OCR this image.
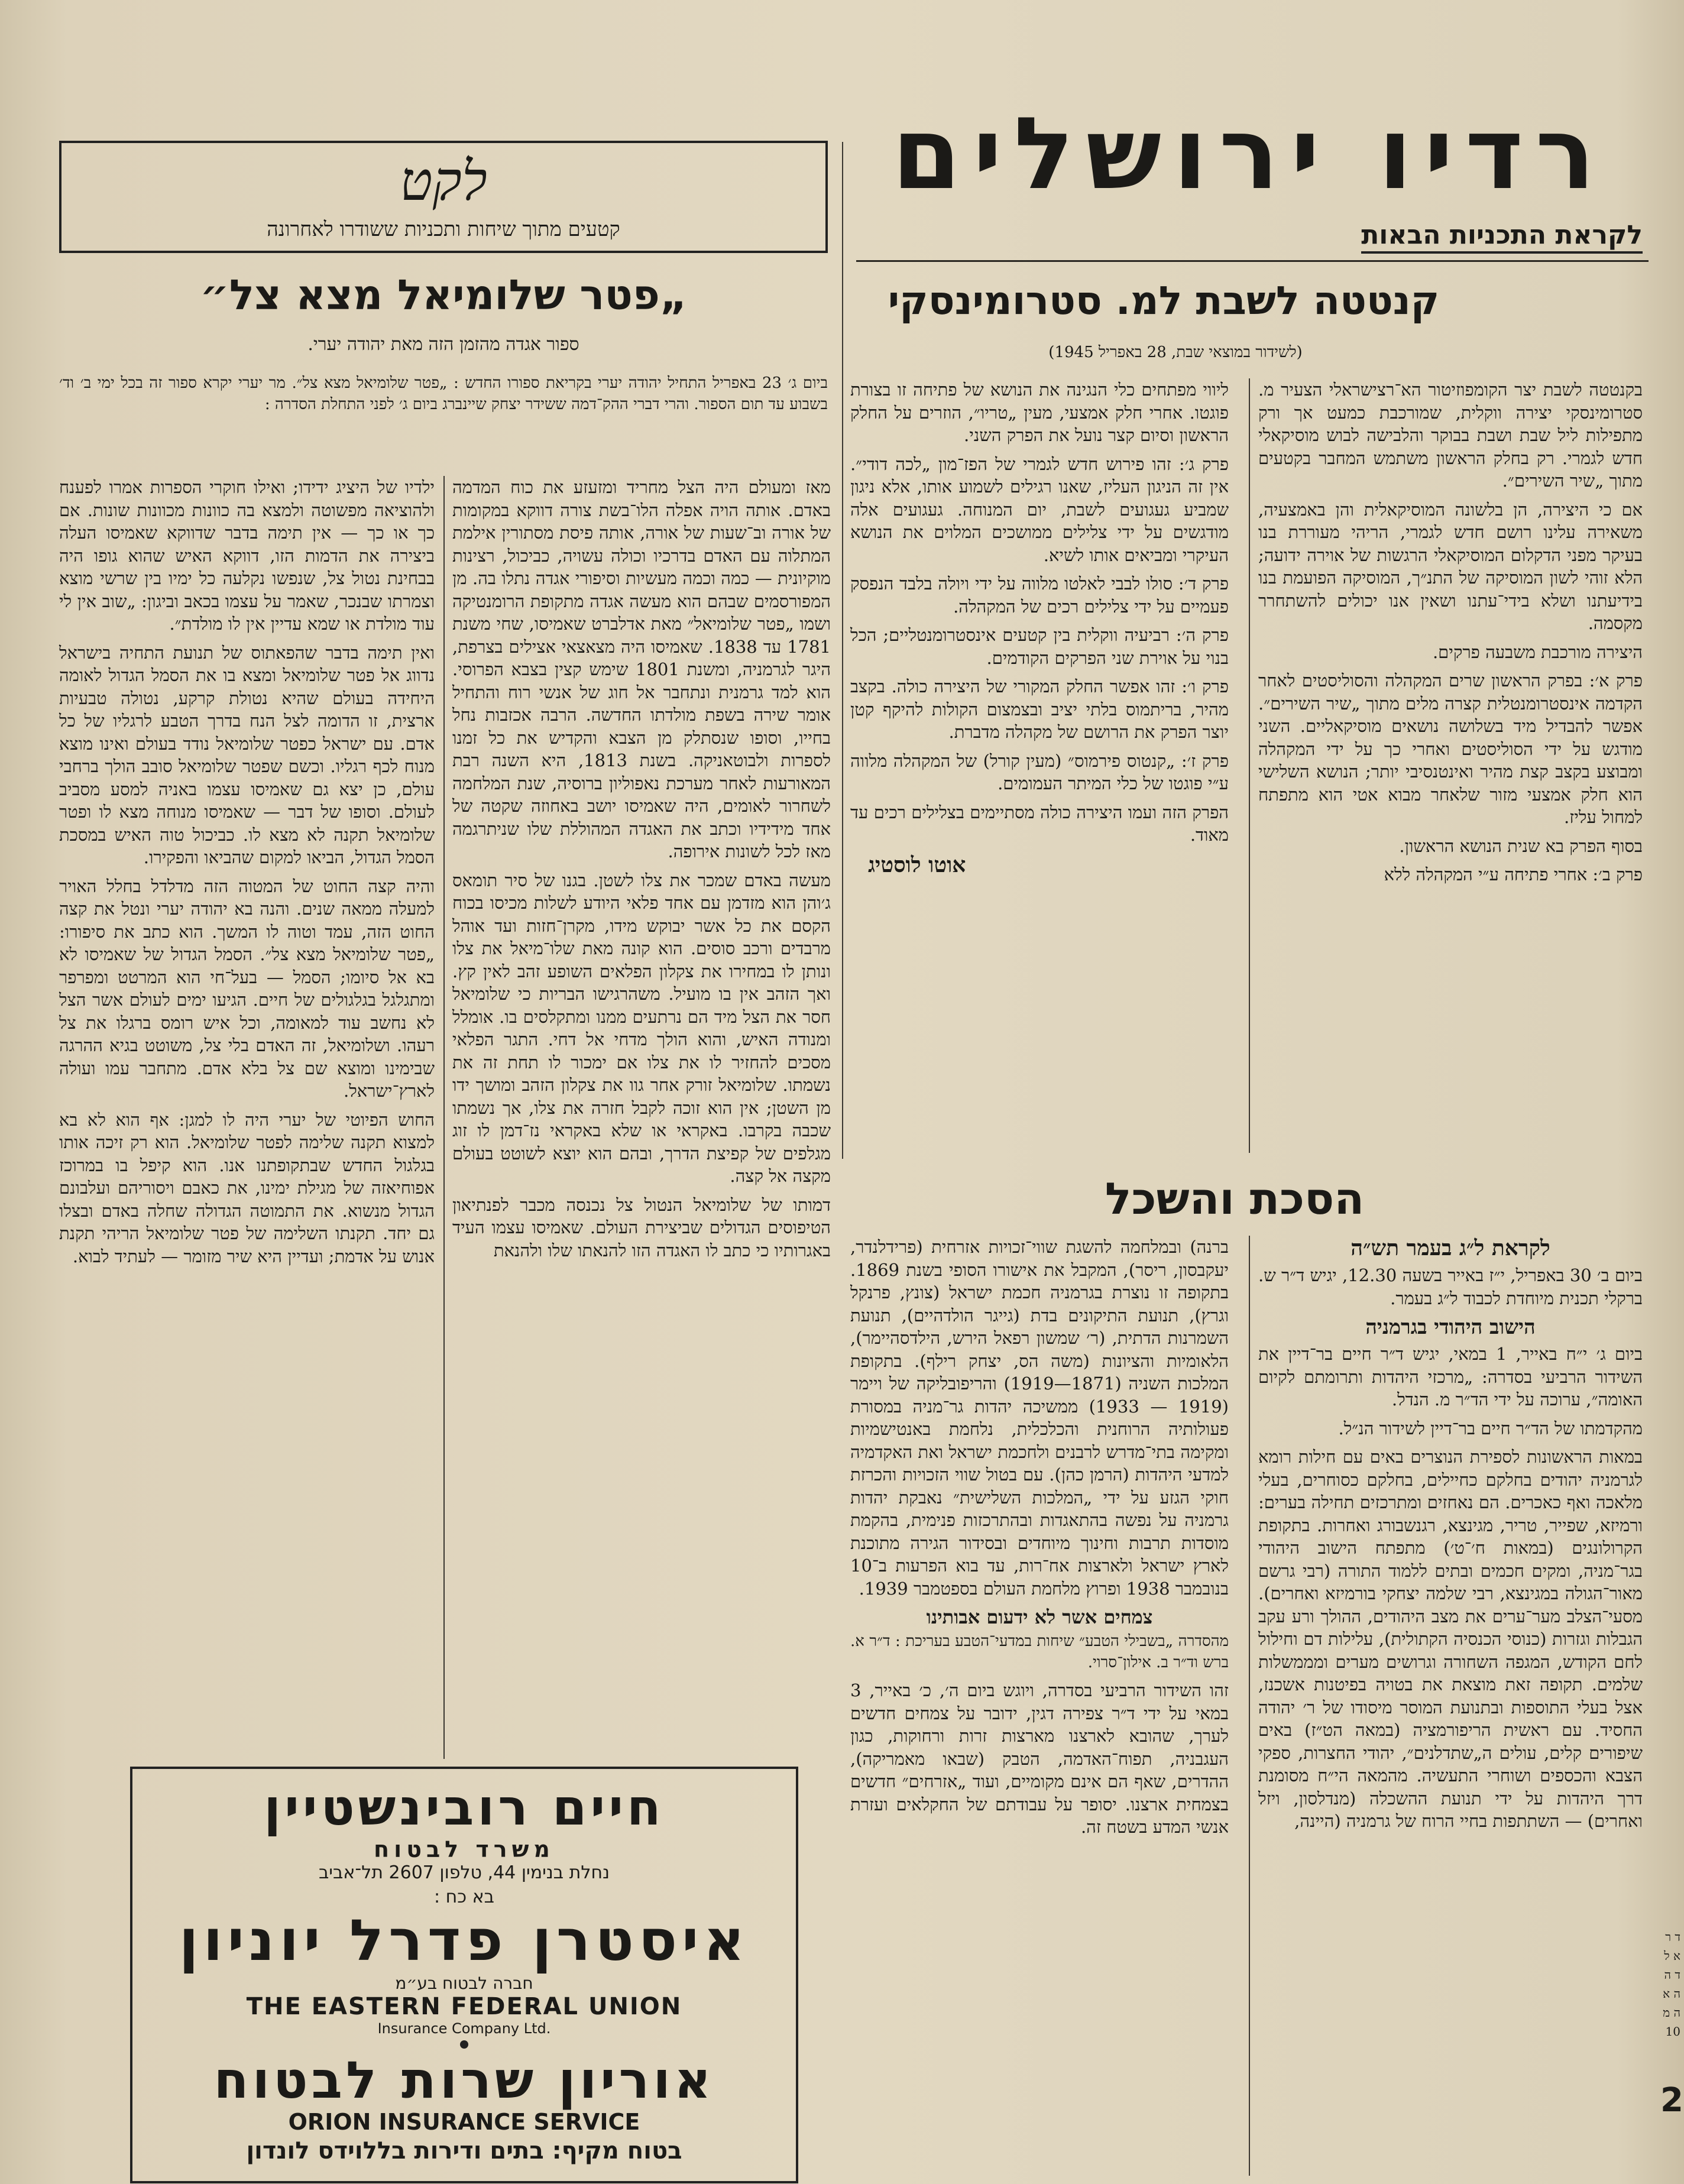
רדיו ירושלים
לקראת התכניות הבאות
לקט
קטעים מתוך שיחות ותכניות ששודרו לאחרונה
קנטטה לשבת למ. סטרומינסקי
(לשידור במוצאי שבת, 28 באפריל 1945)

בקנטטה לשבת יצר הקומפוזיטור הא־רצישראלי הצעיר מ. סטרומינסקי יצירה ווקלית, שמורכבת כמעט אך ורק מתפילות ליל שבת ושבת בבוקר והלבישה לבוש מוסיקאלי חדש לגמרי. רק בחלק הראשון משתמש המחבר בקטעים מתוך „שיר השירים״.

אם כי היצירה, הן בלשונה המוסיקאלית והן באמצעיה, משאירה עלינו רושם חדש לגמרי, הריהי מעוררת בנו בעיקר מפני הדקלום המוסיקאלי הרגשות של אוירה ידועה; הלא זוהי לשון המוסיקה של התנ״ך, המוסיקה הפועמת בנו בידיעתנו ושלא בידי־עתנו ושאין אנו יכולים להשתחרר מקסמה.

היצירה מורכבת משבעה פרקים.

פרק א׳: בפרק הראשון שרים המקהלה והסוליסטים לאחר הקדמה אינסטרומנטלית קצרה מלים מתוך „שיר השירים״. אפשר להבדיל מיד בשלושה נושאים מוסיקאליים. השני מודגש על ידי הסוליסטים ואחרי כך על ידי המקהלה ומבוצע בקצב קצת מהיר ואינטנסיבי יותר; הנושא השלישי הוא חלק אמצעי מזור שלאחר מבוא אטי הוא מתפתח למחול עליז.

בסוף הפרק בא שנית הנושא הראשון.

פרק ב׳: אחרי פתיחה ע״י המקהלה ללא

ליווי מפתחים כלי הנגינה את הנושא של פתיחה זו בצורת פוגטו. אחרי חלק אמצעי, מעין „טריו״, הוזרים על החלק הראשון וסיום קצר נועל את הפרק השני.

פרק ג׳: זהו פירוש חדש לגמרי של הפז־מון „לכה דודי״. אין זה הניגון העליז, שאנו רגילים לשמוע אותו, אלא ניגון שמביע געגועים לשבת, יום המנוחה. געגועים אלה מודגשים על ידי צלילים ממושכים המלוים את הנושא העיקרי ומביאים אותו לשיא.

פרק ד׳: סולו לבבי לאלטו מלווה על ידי ויולה בלבד הנפסק פעמיים על ידי צלילים רכים של המקהלה.

פרק ה׳: רביעיה ווקלית בין קטעים אינסטרומנטליים; הכל בנוי על אוירת שני הפרקים הקודמים.

פרק ו׳: זהו אפשר החלק המקורי של היצירה כולה. בקצב מהיר, בריתמוס בלתי יציב ובצמצום הקולות להיקף קטן יוצר הפרק את הרושם של מקהלה מדברת.

פרק ז׳: „קנטוס פירמוס״ (מעין קורל) של המקהלה מלווה ע״י פוגטו של כלי המיתר העמומים.

הפרק הזה ועמו היצירה כולה מסתיימים בצלילים רכים עד מאוד.

אוטו לוסטיג
הסכת והשכל
לקראת ל״ג בעמר תש״ה

ביום ב׳ 30 באפריל, י״ז באייר בשעה 12.30, יגיש ד״ר ש. ברקלי תכנית מיוחדת לכבוד ל״ג בעמר.

הישוב היהודי בגרמניה

ביום ג׳ י״ח באייר, 1 במאי, יגיש ד״ר חיים בר־דיין את השידור הרביעי בסדרה: „מרכזי היהדות ותרומתם לקיום האומה״, ערוכה על ידי הד״ר מ. הנדל.

מהקדמתו של הד״ר חיים בר־דיין לשידור הנ״ל.

במאות הראשונות לספירת הנוצרים באים עם חילות רומא לגרמניה יהודים בחלקם כחיילים, בחלקם כסוחרים, בעלי מלאכה ואף כאכרים. הם נאחזים ומתרכזים תחילה בערים: ורמיזא, שפייר, טריר, מגינצא, רגנשבורג ואחרות. בתקופת הקרולונגים (במאות ח׳־ט׳) מתפתח הישוב היהודי בגר־מניה, ומקים חכמים ובתים ללמוד התורה (רבי גרשם מאור־הגולה במגינצא, רבי שלמה יצחקי בורמיזא ואחרים). מסעי־הצלב מער־ערים את מצב היהודים, ההולך ורע עקב הגבלות וגזרות (כנוסי הכנסיה הקתולית), עלילות דם וחילול לחם הקודש, המגפה השחורה וגרושים מערים ומממשלות שלמים. תקופה זאת מוצאת את בטויה בפיטנות אשכנז, אצל בעלי התוספות ובתנועת המוסר מיסודו של ר׳ יהודה החסיד. עם ראשית הריפורמציה (במאה הט״ז) באים שיפורים קלים, עולים ה„שתדלנים״, יהודי החצרות, ספקי הצבא והכספים ושוחרי התעשיה. מהמאה הי״ח מסומנת דרך היהדות על ידי תנועת ההשכלה (מנדלסון, ויזל ואחרים) — השתתפות בחיי הרוח של גרמניה (היינה,

ברנה) ובמלחמה להשגת שווי־זכויות אזרחית (פרידלנדר, יעקבסון, ריסר), המקבל את אישורו הסופי בשנת 1869. בתקופה זו נוצרת בגרמניה חכמת ישראל (צונץ, פרנקל וגרץ), תנועת התיקונים בדת (גייגר הולדהיים), תנועת השמרנות הדתית, (ר׳ שמשון רפאל הירש, הילדסהיימר), הלאומיות והציונות (משה הס, יצחק רילף). בתקופת המלכות השניה (1871—1919) והריפובליקה של ויימר (1919 — 1933) ממשיכה יהדות גר־מניה במסורת פעולותיה הרוחנית והכלכלית, נלחמת באנטישמיות ומקימה בתי־מדרש לרבנים ולחכמת ישראל ואת האקדמיה למדעי היהדות (הרמן כהן). עם בטול שווי הזכויות והכרזת חוקי הגזע על ידי „המלכות השלישית״ נאבקת יהדות גרמניה על נפשה בהתאגדות ובהתרכזות פנימית, בהקמת מוסדות תרבות וחינוך מיוחדים ובסידור הגירה מתוכנת לארץ ישראל ולארצות אח־רות, עד בוא הפרעות ב־10 בנובמבר 1938 ופרוץ מלחמת העולם בספטמבר 1939.

צמחים אשר לא ידעום אבותינו

מהסדרה „בשבילי הטבע״ שיחות במדעי־הטבע בעריכת : ד״ר א. ברש וד״ר ב. אילון־סרוי.

זהו השידור הרביעי בסדרה, ויוגש ביום ה׳, כ׳ באייר, 3 במאי על ידי ד״ר צפירה דגין, ידובר על צמחים חדשים לערך, שהובא לארצנו מארצות זרות ורחוקות, כגון העגבניה, תפוח־האדמה, הטבק (שבאו מאמריקה), ההדרים, שאף הם אינם מקומיים, ועוד „אזרחים״ חדשים בצמחית ארצנו. יסופר על עבודתם של החקלאים ועזרת אנשי המדע בשטח זה.

„פטר שלומיאל מצא צל״
ספור אגדה מהזמן הזה מאת יהודה יערי.
ביום ג׳ 23 באפריל התחיל יהודה יערי בקריאת ספורו החדש : „פטר שלומיאל מצא צל״. מר יערי יקרא ספור זה בכל ימי ב׳ וד׳ בשבוע עד תום הספור. והרי דברי ההק־דמה ששידר יצחק שיינברג ביום ג׳ לפני התחלת הסדרה :

מאז ומעולם היה הצל מחריד ומזעזע את כוח המדמה באדם. אותה הויה אפלה הלו־בשת צורה דווקא במקומות של אורה וב־שעות של אורה, אותה פיסת מסתורין אילמת המתלוה עם האדם בדרכיו וכולה עשויה, כביכול, רצינות מוקיונית — כמה וכמה מעשיות וסיפורי אגדה נתלו בה. מן המפורסמים שבהם הוא מעשה אגדה מתקופת הרומנטיקה ושמו „פטר שלומיאל״ מאת אדלברט שאמיסו, שחי משנת 1781 עד 1838. שאמיסו היה מצאצאי אצילים בצרפת, היגר לגרמניה, ומשנת 1801 שימש קצין בצבא הפרוסי. הוא למד גרמנית ונתחבר אל חוג של אנשי רוח והתחיל אומר שירה בשפת מולדתו החדשה. הרבה אכזבות נחל בחייו, וסופו שנסתלק מן הצבא והקדיש את כל זמנו לספרות ולבוטאניקה. בשנת 1813, היא השנה רבת המאורעות לאחר מערכת נאפוליון ברוסיה, שנת המלחמה לשחרור לאומים, היה שאמיסו יושב באחוזה שקטה של אחד מידידיו וכתב את האגדה המהוללת שלו שניתרגמה מאז לכל לשונות אירופה.

מעשה באדם שמכר את צלו לשטן. בגנו של סיר תומאס ג׳והן הוא מזדמן עם אחד פלאי היודע לשלות מכיסו בכוח הקסם את כל אשר יבוקש מידו, מקרן־חזות ועד אוהל מרבדים ורכב סוסים. הוא קונה מאת שלו־מיאל את צלו ונותן לו במחירו את צקלון הפלאים השופע זהב לאין קץ. ואך הזהב אין בו מועיל. משהרגישו הבריות כי שלומיאל חסר את הצל מיד הם נרתעים ממנו ומתקלסים בו. אומלל ומנודה האיש, והוא הולך מדחי אל דחי. התגר הפלאי מסכים להחזיר לו את צלו אם ימכור לו תחת זה את נשמתו. שלומיאל זורק אחר גוו את צקלון הזהב ומושך ידו מן השטן; אין הוא זוכה לקבל חזרה את צלו, אך נשמתו שכבה בקרבו. באקראי או שלא באקראי נז־דמן לו זוג מגלפים של קפיצת הדרך, ובהם הוא יוצא לשוטט בעולם מקצה אל קצה.

דמותו של שלומיאל הנטול צל נכנסה מכבר לפנתיאון הטיפוסים הגדולים שביצירת העולם. שאמיסו עצמו העיד באגרותיו כי כתב לו האגדה הזו להנאתו שלו ולהנאת

ילדיו של היציג ידידו; ואילו חוקרי הספרות אמרו לפענח ולהוציאה מפשוטה ולמצא בה כוונות מכוונות שונות. אם כך או כך — אין תימה בדבר שדווקא שאמיסו העלה ביצירה את הדמות הזו, דווקא האיש שהוא גופו היה בבחינת נטול צל, שנפשו נקלעה כל ימיו בין שרשי מוצא וצמרתו שבנכר, שאמר על עצמו בכאב וביגון: „שוב אין לי עוד מולדת או שמא עדיין אין לו מולדת״.

ואין תימה בדבר שהפאתוס של תנועת התחיה בישראל נדווג אל פטר שלומיאל ומצא בו את הסמל הגדול לאומה היחידה בעולם שהיא נטולת קרקע, נטולה טבעיות ארצית, זו הדומה לצל הנח בדרך הטבע לרגליו של כל אדם. עם ישראל כפטר שלומיאל נודד בעולם ואינו מוצא מנוח לכף רגליו. וכשם שפטר שלומיאל סובב הולך ברחבי עולם, כן יצא גם שאמיסו עצמו באניה למסע מסביב לעולם. וסופו של דבר — שאמיסו מנוחה מצא לו ופטר שלומיאל תקנה לא מצא לו. כביכול טוה האיש במסכת הסמל הגדול, הביאו למקום שהביאו והפקירו.

והיה קצה החוט של המטוה הזה מדלדל בחלל האויר למעלה ממאה שנים. והנה בא יהודה יערי ונטל את קצה החוט הזה, עמד וטוה לו המשך. הוא כתב את סיפורו: „פטר שלומיאל מצא צל״. הסמל הגדול של שאמיסו לא בא אל סיומו; הסמל — בעל־חי הוא המרטט ומפרפר ומתגלגל בגלגולים של חיים. הגיעו ימים לעולם אשר הצל לא נחשב עוד למאומה, וכל איש רומס ברגלו את צל רעהו. ושלומיאל, זה האדם בלי צל, משוטט בגיא ההרגה שבימינו ומוצא שם צל בלא אדם. מתחבר עמו ועולה לארץ־ישראל.

החוש הפיוטי של יערי היה לו למגן: אף הוא לא בא למצוא תקנה שלימה לפטר שלומיאל. הוא רק זיכה אותו בגלגול החדש שבתקופתנו אנו. הוא קיפל בו במרוכז אפוחיאזה של מגילת ימינו, את כאבם ויסוריהם ועלבונם הגדול מנשוא. את התמוטה הגדולה שחלה באדם ובצלו גם יחד. תקנתו השלימה של פטר שלומיאל הריהי תקנת אנוש על אדמת; ועדיין היא שיר מזומר — לעתיד לבוא.

חיים רובינשטיין
משרד לבטוח
נחלת בנימין 44, טלפון 2607 תל־אביב
בא כח :
איסטרן פדרל יוניון
חברה לבטוח בע״מ
THE EASTERN FEDERAL UNION
Insurance Company Ltd.
אוריון שרות לבטוח
ORION INSURANCE SERVICE
בטוח מקיף: בתים ודירות בללוידס לונדון
ד ר א ל ד ה ה א ה מ 10
2
